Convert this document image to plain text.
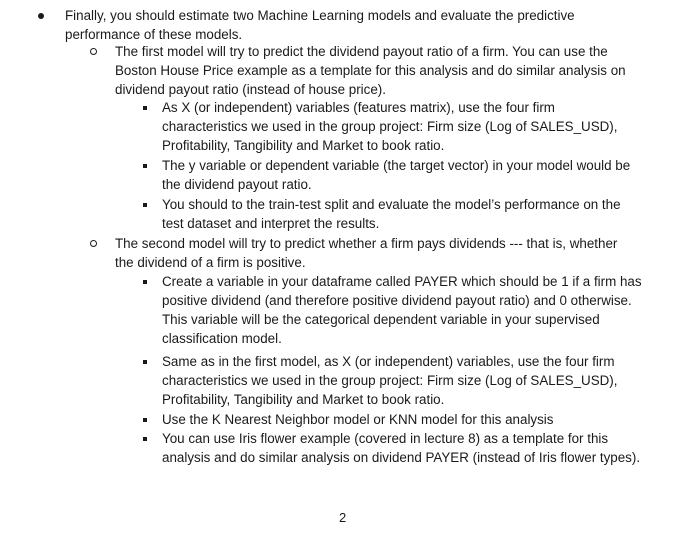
Finally, you should estimate two Machine Learning models and evaluate the predictive
performance of these models.
The first model will try to predict the dividend payout ratio of a firm. You can use the
Boston House Price example as a template for this analysis and do similar analysis on
dividend payout ratio (instead of house price).
As X (or independent) variables (features matrix), use the four firm
characteristics we used in the group project: Firm size (Log of SALES_USD),
Profitability, Tangibility and Market to book ratio.
The y variable or dependent variable (the target vector) in your model would be
the dividend payout ratio.
You should to the train-test split and evaluate the model’s performance on the
test dataset and interpret the results.
The second model will try to predict whether a firm pays dividends --- that is, whether
the dividend of a firm is positive.
Create a variable in your dataframe called PAYER which should be 1 if a firm has
positive dividend (and therefore positive dividend payout ratio) and 0 otherwise.
This variable will be the categorical dependent variable in your supervised
classification model.
Same as in the first model, as X (or independent) variables, use the four firm
characteristics we used in the group project: Firm size (Log of SALES_USD),
Profitability, Tangibility and Market to book ratio.
Use the K Nearest Neighbor model or KNN model for this analysis
You can use Iris flower example (covered in lecture 8) as a template for this
analysis and do similar analysis on dividend PAYER (instead of Iris flower types).
2
